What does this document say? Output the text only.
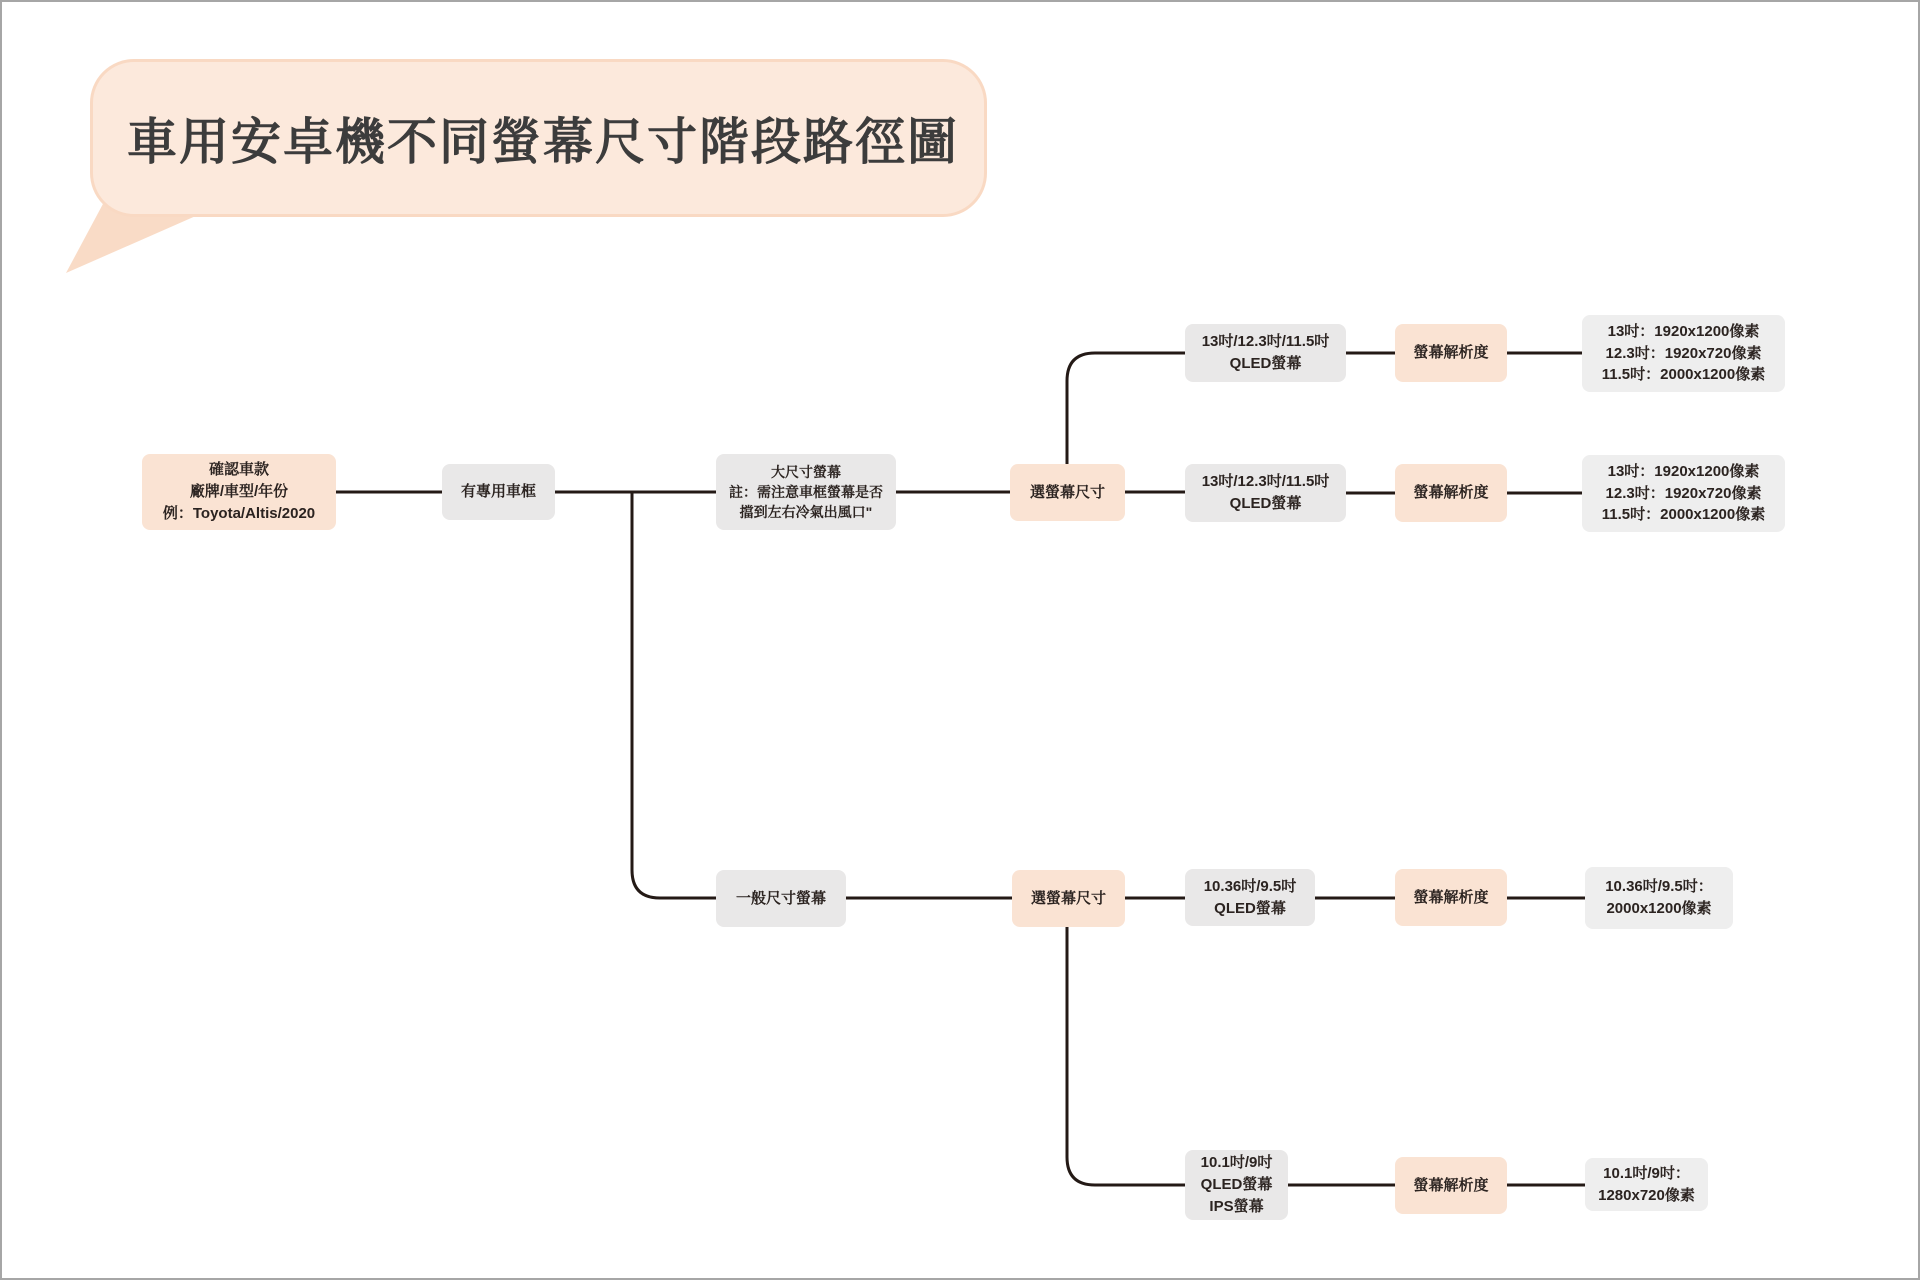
車用安卓機不同螢幕尺寸階段路徑圖
確認車款
廠牌/車型/年份
例：Toyota/Altis/2020
有專用車框
大尺寸螢幕
註：需注意車框螢幕是否
擋到左右冷氣出風口"
選螢幕尺寸
13吋/12.3吋/11.5吋
QLED螢幕
螢幕解析度
13吋：1920x1200像素
12.3吋：1920x720像素
11.5吋：2000x1200像素
13吋/12.3吋/11.5吋
QLED螢幕
螢幕解析度
13吋：1920x1200像素
12.3吋：1920x720像素
11.5吋：2000x1200像素
一般尺寸螢幕	選螢幕尺寸
10.36吋/9.5吋
QLED螢幕
螢幕解析度
10.36吋/9.5吋：
2000x1200像素
10.1吋/9吋
QLED螢幕
IPS螢幕
螢幕解析度
10.1吋/9吋：
1280x720像素
